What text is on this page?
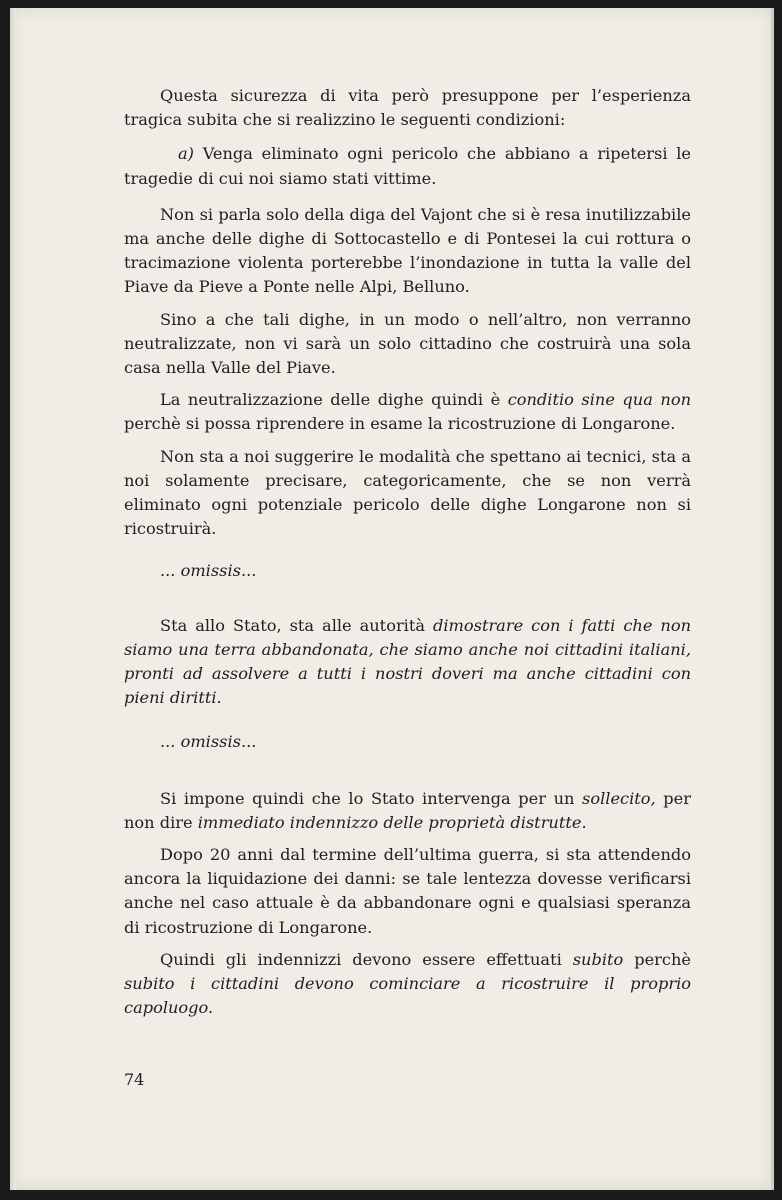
Questa sicurezza di vita però presuppone per l’esperienza tragica subita che si realizzino le seguenti condizioni:

a) Venga eliminato ogni pericolo che abbiano a ripetersi le tragedie di cui noi siamo stati vittime.

Non si parla solo della diga del Vajont che si è resa inutilizzabile ma anche delle dighe di Sottocastello e di Pontesei la cui rottura o tracimazione violenta porterebbe l’inondazione in tutta la valle del Piave da Pieve a Ponte nelle Alpi, Belluno.

Sino a che tali dighe, in un modo o nell’altro, non verranno neutralizzate, non vi sarà un solo cittadino che costruirà una sola casa nella Valle del Piave.

La neutralizzazione delle dighe quindi è conditio sine qua non perchè si possa riprendere in esame la ricostruzione di Longarone.

Non sta a noi suggerire le modalità che spettano ai tecnici, sta a noi solamente precisare, categoricamente, che se non verrà eliminato ogni potenziale pericolo delle dighe Longarone non si ricostruirà.

... omissis...

Sta allo Stato, sta alle autorità dimostrare con i fatti che non siamo una terra abbandonata, che siamo anche noi cittadini italiani, pronti ad assolvere a tutti i nostri doveri ma anche cittadini con pieni diritti.

... omissis...

Si impone quindi che lo Stato intervenga per un sollecito, per non dire immediato indennizzo delle proprietà distrutte.

Dopo 20 anni dal termine dell’ultima guerra, si sta attendendo ancora la liquidazione dei danni: se tale lentezza dovesse verificarsi anche nel caso attuale è da abbandonare ogni e qualsiasi speranza di ricostruzione di Longarone.

Quindi gli indennizzi devono essere effettuati subito perchè subito i cittadini devono cominciare a ricostruire il proprio capoluogo.

74
